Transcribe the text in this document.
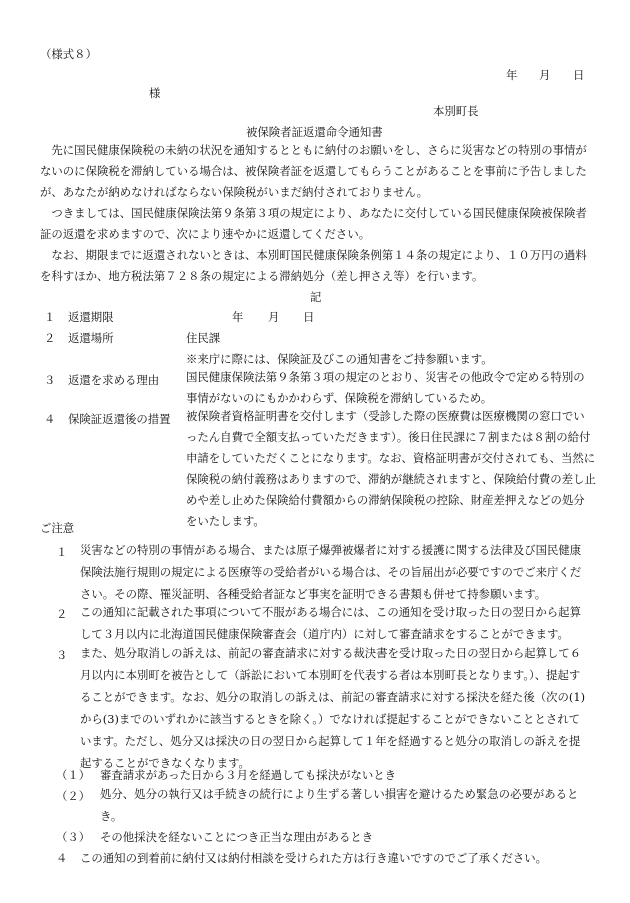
（様式８）
年 月 日
様
本別町長
被保険者証返還命令通知書
先に国民健康保険税の未納の状況を通知するとともに納付のお願いをし、さらに災害などの特別の事情がないのに保険税を滞納している場合は、被保険者証を返還してもらうことがあることを事前に予告しましたが、あなたが納めなければならない保険税がいまだ納付されておりません。
つきましては、国民健康保険法第９条第３項の規定により、あなたに交付している国民健康保険被保険者証の返還を求めますので、次により速やかに返還してください。
なお、期限までに返還されないときは、本別町国民健康保険条例第１４条の規定により、１０万円の過料を科すほか、地方税法第７２８条の規定による滞納処分（差し押さえ等）を行います。
記
１ 返還期限	年 月 日
２ 返還場所	住民課
※来庁に際には、保険証及びこの通知書をご持参願います。
３ 返還を求める理由 国民健康保険法第９条第３項の規定のとおり、災害その他政令で定める特別の事情がないのにもかかわらず、保険税を滞納しているため。
４ 保険証返還後の措置 被保険者資格証明書を交付します（受診した際の医療費は医療機関の窓口でいったん自費で全額支払っていただきます）。後日住民課に７割または８割の給付申請をしていただくことになります。なお、資格証明書が交付されても、当然に保険税の納付義務はありますので、滞納が継続されますと、保険給付費の差し止めや差し止めた保険給付費額からの滞納保険税の控除、財産差押えなどの処分をいたします。
ご注意
１ 災害などの特別の事情がある場合、または原子爆弾被爆者に対する援護に関する法律及び国民健康保険法施行規則の規定による医療等の受給者がいる場合は、その旨届出が必要ですのでご来庁ください。その際、罹災証明、各種受給者証など事実を証明できる書類も併せて持参願います。
２ この通知に記載された事項について不服がある場合には、この通知を受け取った日の翌日から起算して３月以内に北海道国民健康保険審査会（道庁内）に対して審査請求をすることができます。
３ また、処分取消しの訴えは、前記の審査請求に対する裁決書を受け取った日の翌日から起算して６月以内に本別町を被告として（訴訟において本別町を代表する者は本別町長となります。）、提起することができます。なお、処分の取消しの訴えは、前記の審査請求に対する採決を経た後（次の(1)から(3)までのいずれかに該当するときを除く。）でなければ提起することができないこととされています。ただし、処分又は採決の日の翌日から起算して１年を経過すると処分の取消しの訴えを提起することができなくなります。
（１） 審査請求があった日から３月を経過しても採決がないとき
（２） 処分、処分の執行又は手続きの続行により生ずる著しい損害を避けるため緊急の必要があるとき。
（３） その他採決を経ないことにつき正当な理由があるとき
４ この通知の到着前に納付又は納付相談を受けられた方は行き違いですのでご了承ください。
